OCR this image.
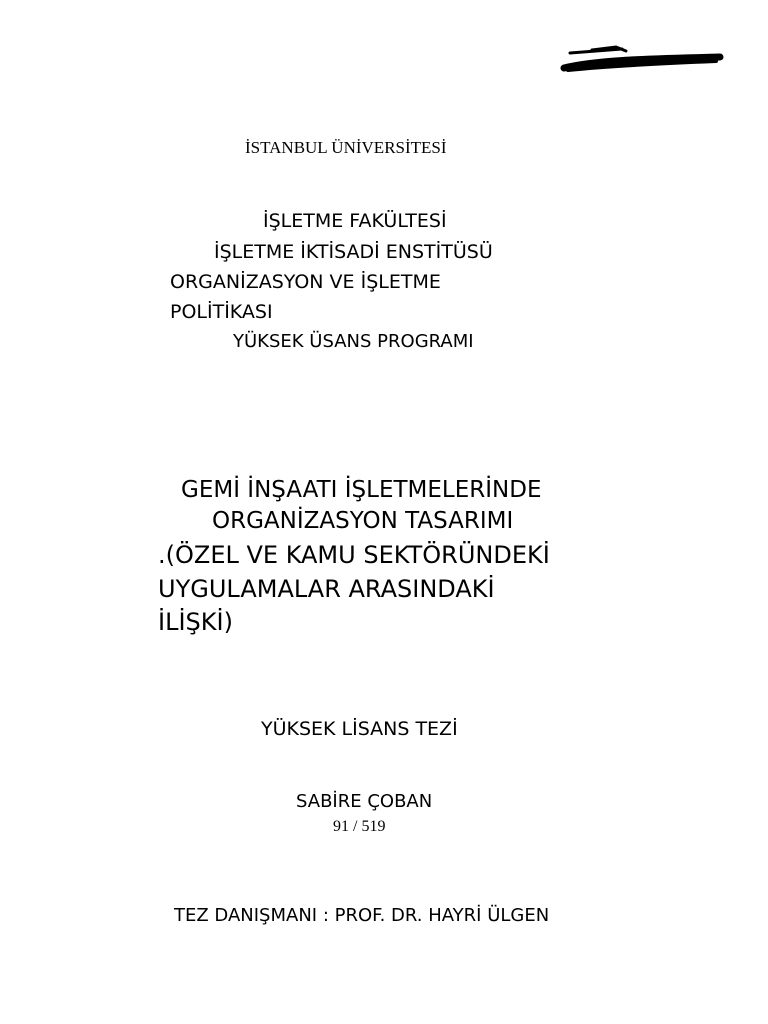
İSTANBUL ÜNİVERSİTESİ
İŞLETME FAKÜLTESİ
İŞLETME İKTİSADİ ENSTİTÜSÜ
ORGANİZASYON VE İŞLETME
POLİTİKASI
YÜKSEK ÜSANS PROGRAMI
GEMİ İNŞAATI İŞLETMELERİNDE
ORGANİZASYON TASARIMI
.(ÖZEL VE KAMU SEKTÖRÜNDEKİ
UYGULAMALAR ARASINDAKİ
İLİŞKİ)
YÜKSEK LİSANS TEZİ
SABİRE ÇOBAN
91 / 519
TEZ DANIŞMANI : PROF. DR. HAYRİ ÜLGEN
